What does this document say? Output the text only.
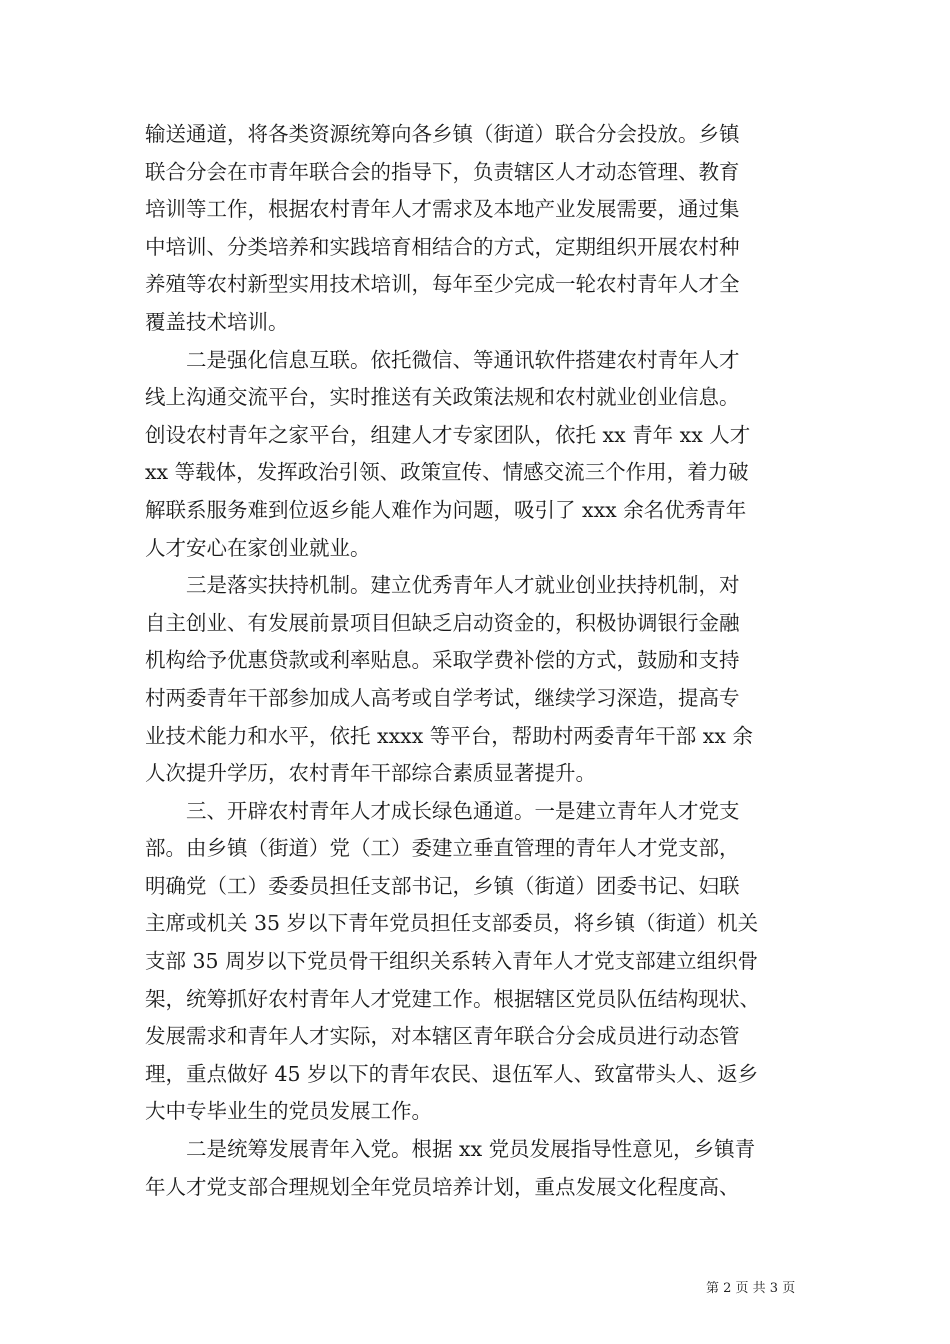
输送通道，将各类资源统筹向各乡镇（街道）联合分会投放。乡镇
联合分会在市青年联合会的指导下，负责辖区人才动态管理、教育
培训等工作，根据农村青年人才需求及本地产业发展需要，通过集
中培训、分类培养和实践培育相结合的方式，定期组织开展农村种
养殖等农村新型实用技术培训，每年至少完成一轮农村青年人才全
覆盖技术培训。
二是强化信息互联。依托微信、等通讯软件搭建农村青年人才
线上沟通交流平台，实时推送有关政策法规和农村就业创业信息。
创设农村青年之家平台，组建人才专家团队，依托 xx 青年 xx 人才
xx 等载体，发挥政治引领、政策宣传、情感交流三个作用，着力破
解联系服务难到位返乡能人难作为问题，吸引了 xxx 余名优秀青年
人才安心在家创业就业。
三是落实扶持机制。建立优秀青年人才就业创业扶持机制，对
自主创业、有发展前景项目但缺乏启动资金的，积极协调银行金融
机构给予优惠贷款或利率贴息。采取学费补偿的方式，鼓励和支持
村两委青年干部参加成人高考或自学考试，继续学习深造，提高专
业技术能力和水平，依托 xxxx 等平台，帮助村两委青年干部 xx 余
人次提升学历，农村青年干部综合素质显著提升。
三、开辟农村青年人才成长绿色通道。一是建立青年人才党支
部。由乡镇（街道）党（工）委建立垂直管理的青年人才党支部，
明确党（工）委委员担任支部书记，乡镇（街道）团委书记、妇联
主席或机关 35 岁以下青年党员担任支部委员，将乡镇（街道）机关
支部 35 周岁以下党员骨干组织关系转入青年人才党支部建立组织骨
架，统筹抓好农村青年人才党建工作。根据辖区党员队伍结构现状、
发展需求和青年人才实际，对本辖区青年联合分会成员进行动态管
理，重点做好 45 岁以下的青年农民、退伍军人、致富带头人、返乡
大中专毕业生的党员发展工作。
二是统筹发展青年入党。根据 xx 党员发展指导性意见，乡镇青
年人才党支部合理规划全年党员培养计划，重点发展文化程度高、
第 2 页 共 3 页
